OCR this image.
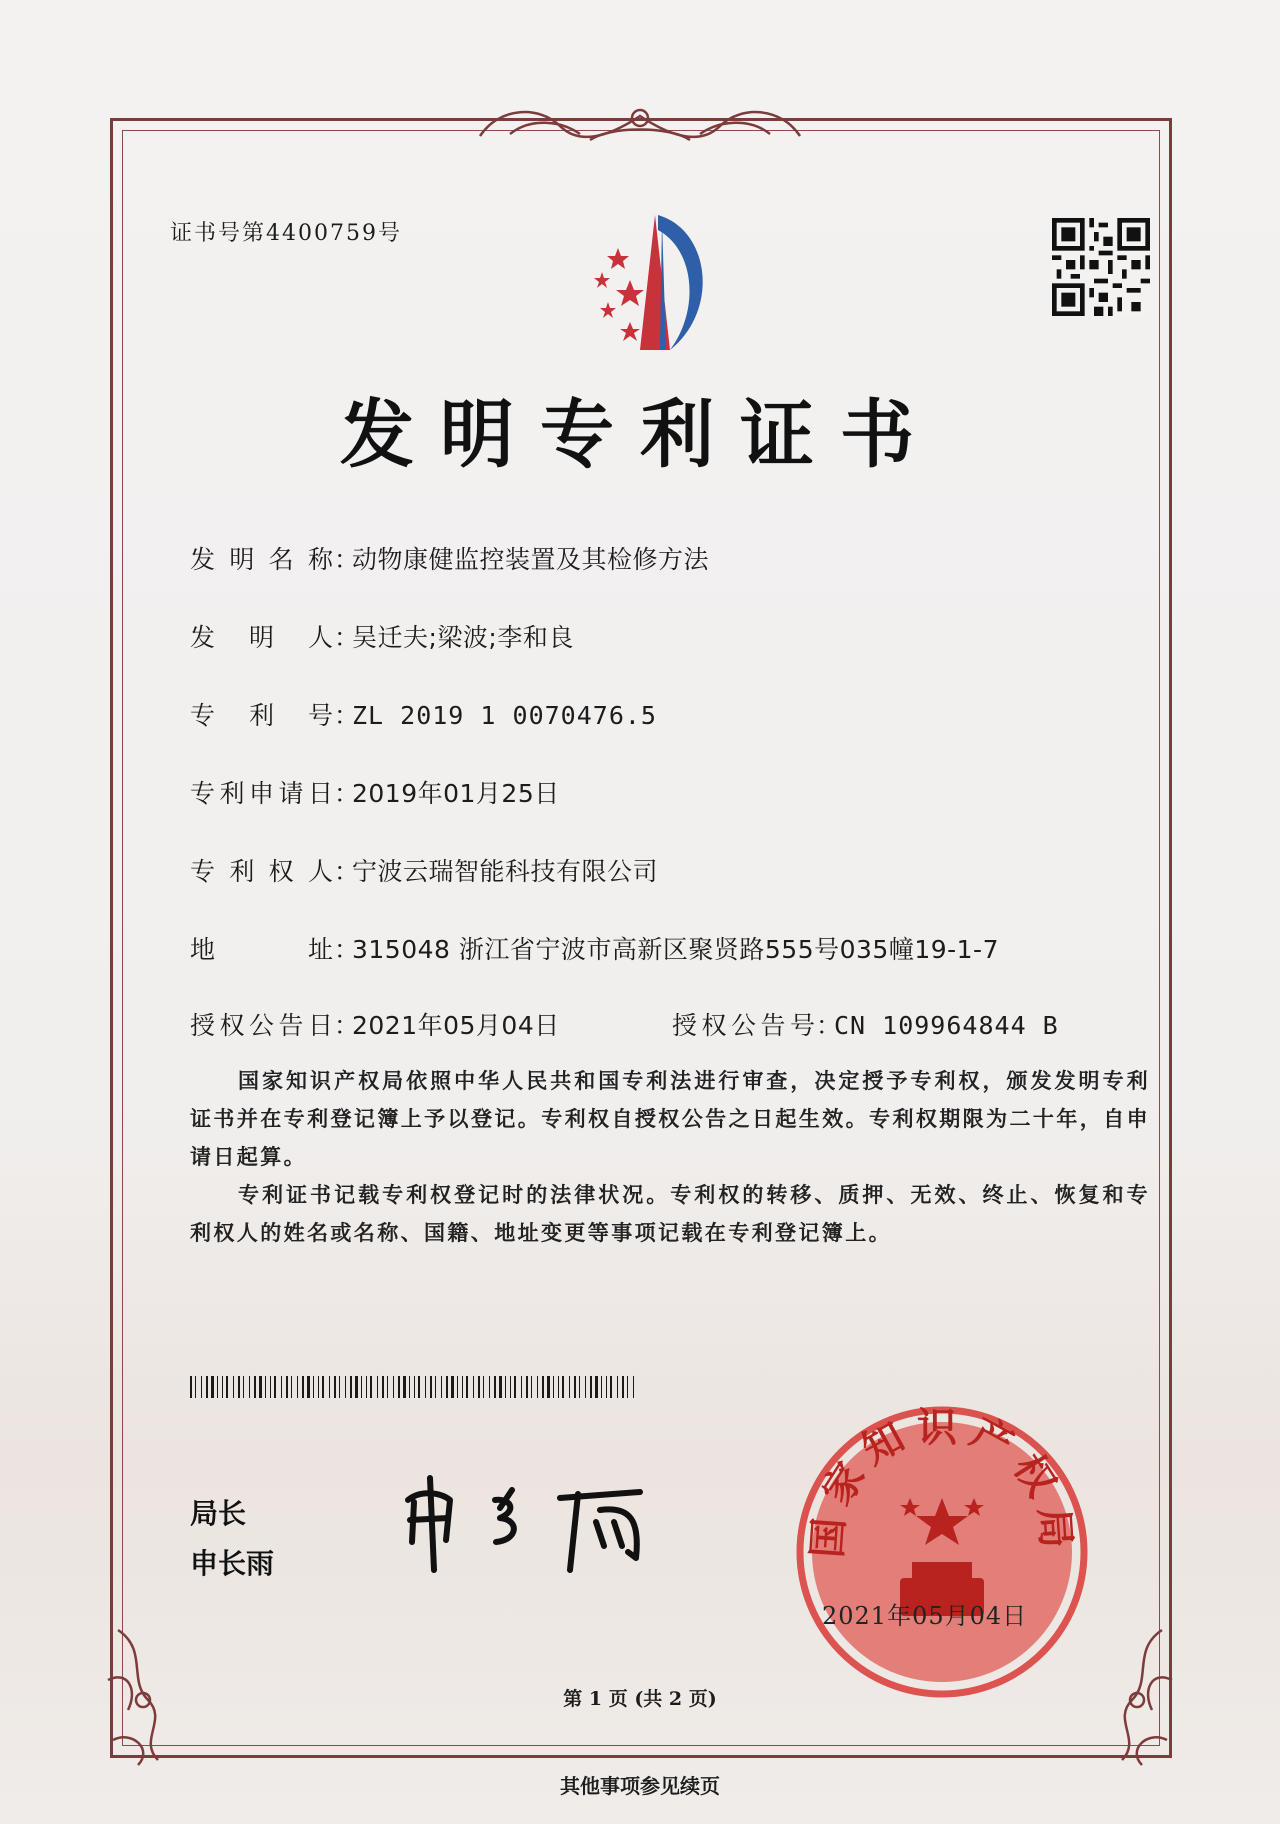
证书号第4400759号
发明专利证书
发明名称：动物康健监控装置及其检修方法
发明人：吴迁夫;梁波;李和良
专利号：ZL 2019 1 0070476.5
专利申请日：2019年01月25日
专利权人：宁波云瑞智能科技有限公司
地址：315048 浙江省宁波市高新区聚贤路555号035幢19-1-7
授权公告日：2021年05月04日	授权公告号：CN 109964844 B
国家知识产权局依照中华人民共和国专利法进行审查，决定授予专利权，颁发发明专利证书并在专利登记簿上予以登记。专利权自授权公告之日起生效。专利权期限为二十年，自申请日起算。
专利证书记载专利权登记时的法律状况。专利权的转移、质押、无效、终止、恢复和专利权人的姓名或名称、国籍、地址变更等事项记载在专利登记簿上。
局长
申长雨
国家知识产权局
2021年05月04日
第 1 页 (共 2 页)
其他事项参见续页
